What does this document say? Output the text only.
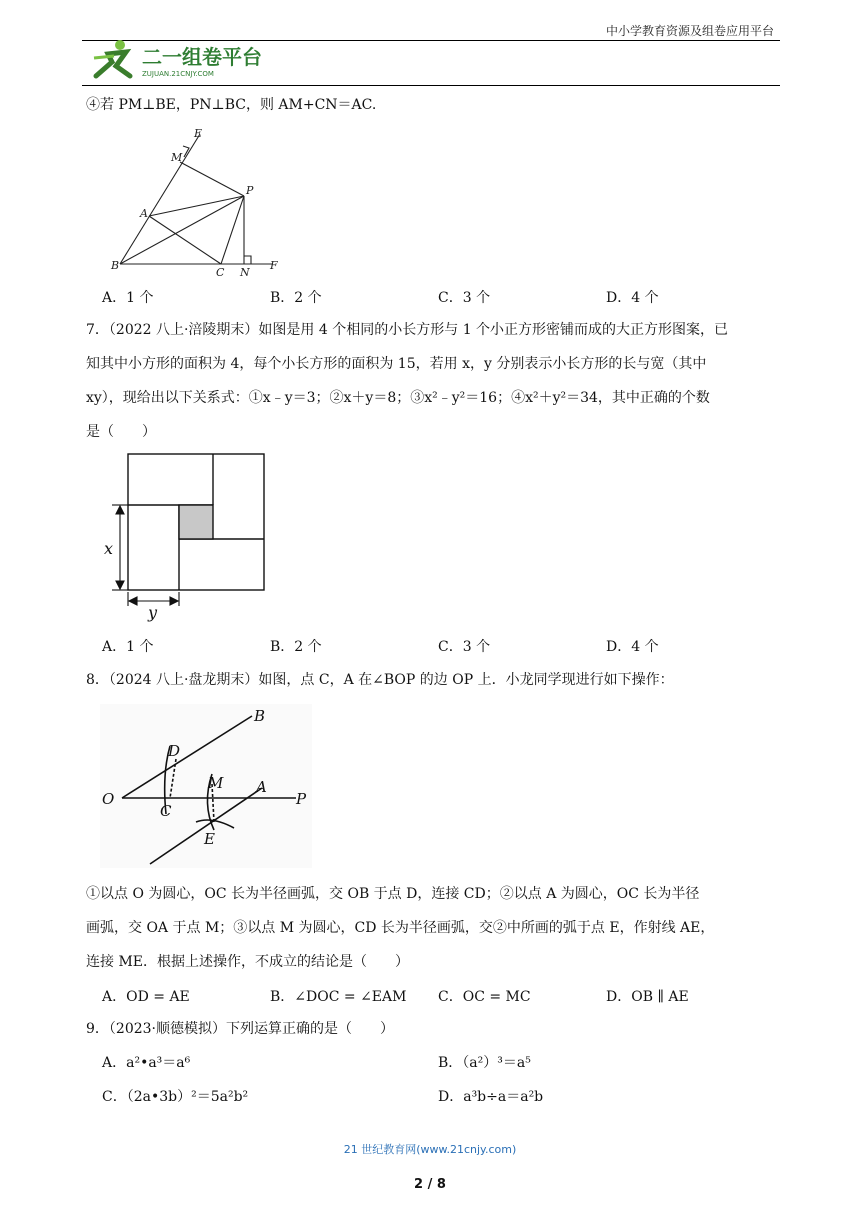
中小学教育资源及组卷应用平台
二一组卷平台
ZUJUAN.21CNJY.COM
④若 PM⊥BE，PN⊥BC，则 AM+CN＝AC.
E
M
P
A
B
C N
F
A．1 个	B．2 个	C．3 个	D．4 个
7．（2022 八上·涪陵期末）如图是用 4 个相同的小长方形与 1 个小正方形密铺而成的大正方形图案，已
知其中小方形的面积为 4，每个小长方形的面积为 15，若用 x，y 分别表示小长方形的长与宽（其中
xy），现给出以下关系式：①x﹣y＝3；②x＋y＝8；③x²﹣y²＝16；④x²＋y²＝34，其中正确的个数
是（　　）
x
y
A．1 个	B．2 个	C．3 个	D．4 个
8．（2024 八上·盘龙期末）如图，点 C，A 在∠BOP 的边 OP 上．小龙同学现进行如下操作：
B
D
O
C
M A
P
E
①以点 O 为圆心，OC 长为半径画弧，交 OB 于点 D，连接 CD；②以点 A 为圆心，OC 长为半径
画弧，交 OA 于点 M；③以点 M 为圆心，CD 长为半径画弧，交②中所画的弧于点 E，作射线 AE，
连接 ME．根据上述操作，不成立的结论是（　　）
A．OD = AE	B．∠DOC = ∠EAM C．OC = MC	D．OB ∥ AE
9．（2023·顺德模拟）下列运算正确的是（　　）
A．a²•a³＝a⁶	B．（a²）³＝a⁵
C．（2a•3b）²＝5a²b²	D．a³b÷a＝a²b
21 世纪教育网(www.21cnjy.com)
2 / 8
